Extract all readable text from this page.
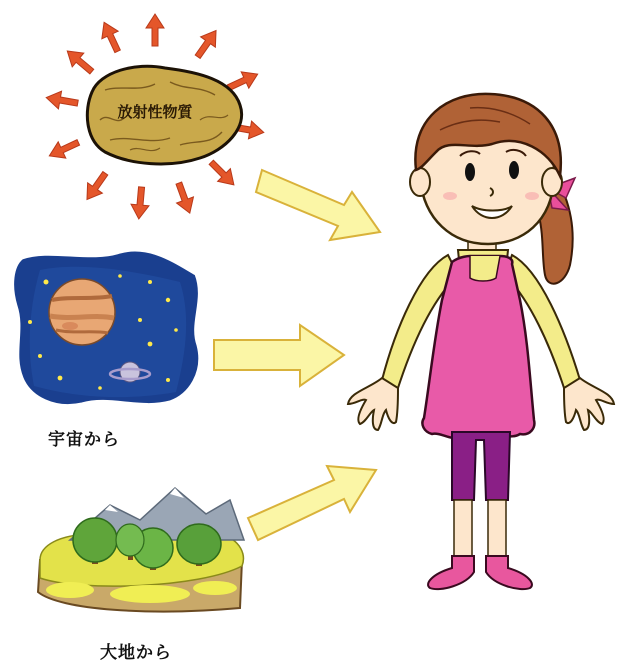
放射性物質
宇宙から
大地から
